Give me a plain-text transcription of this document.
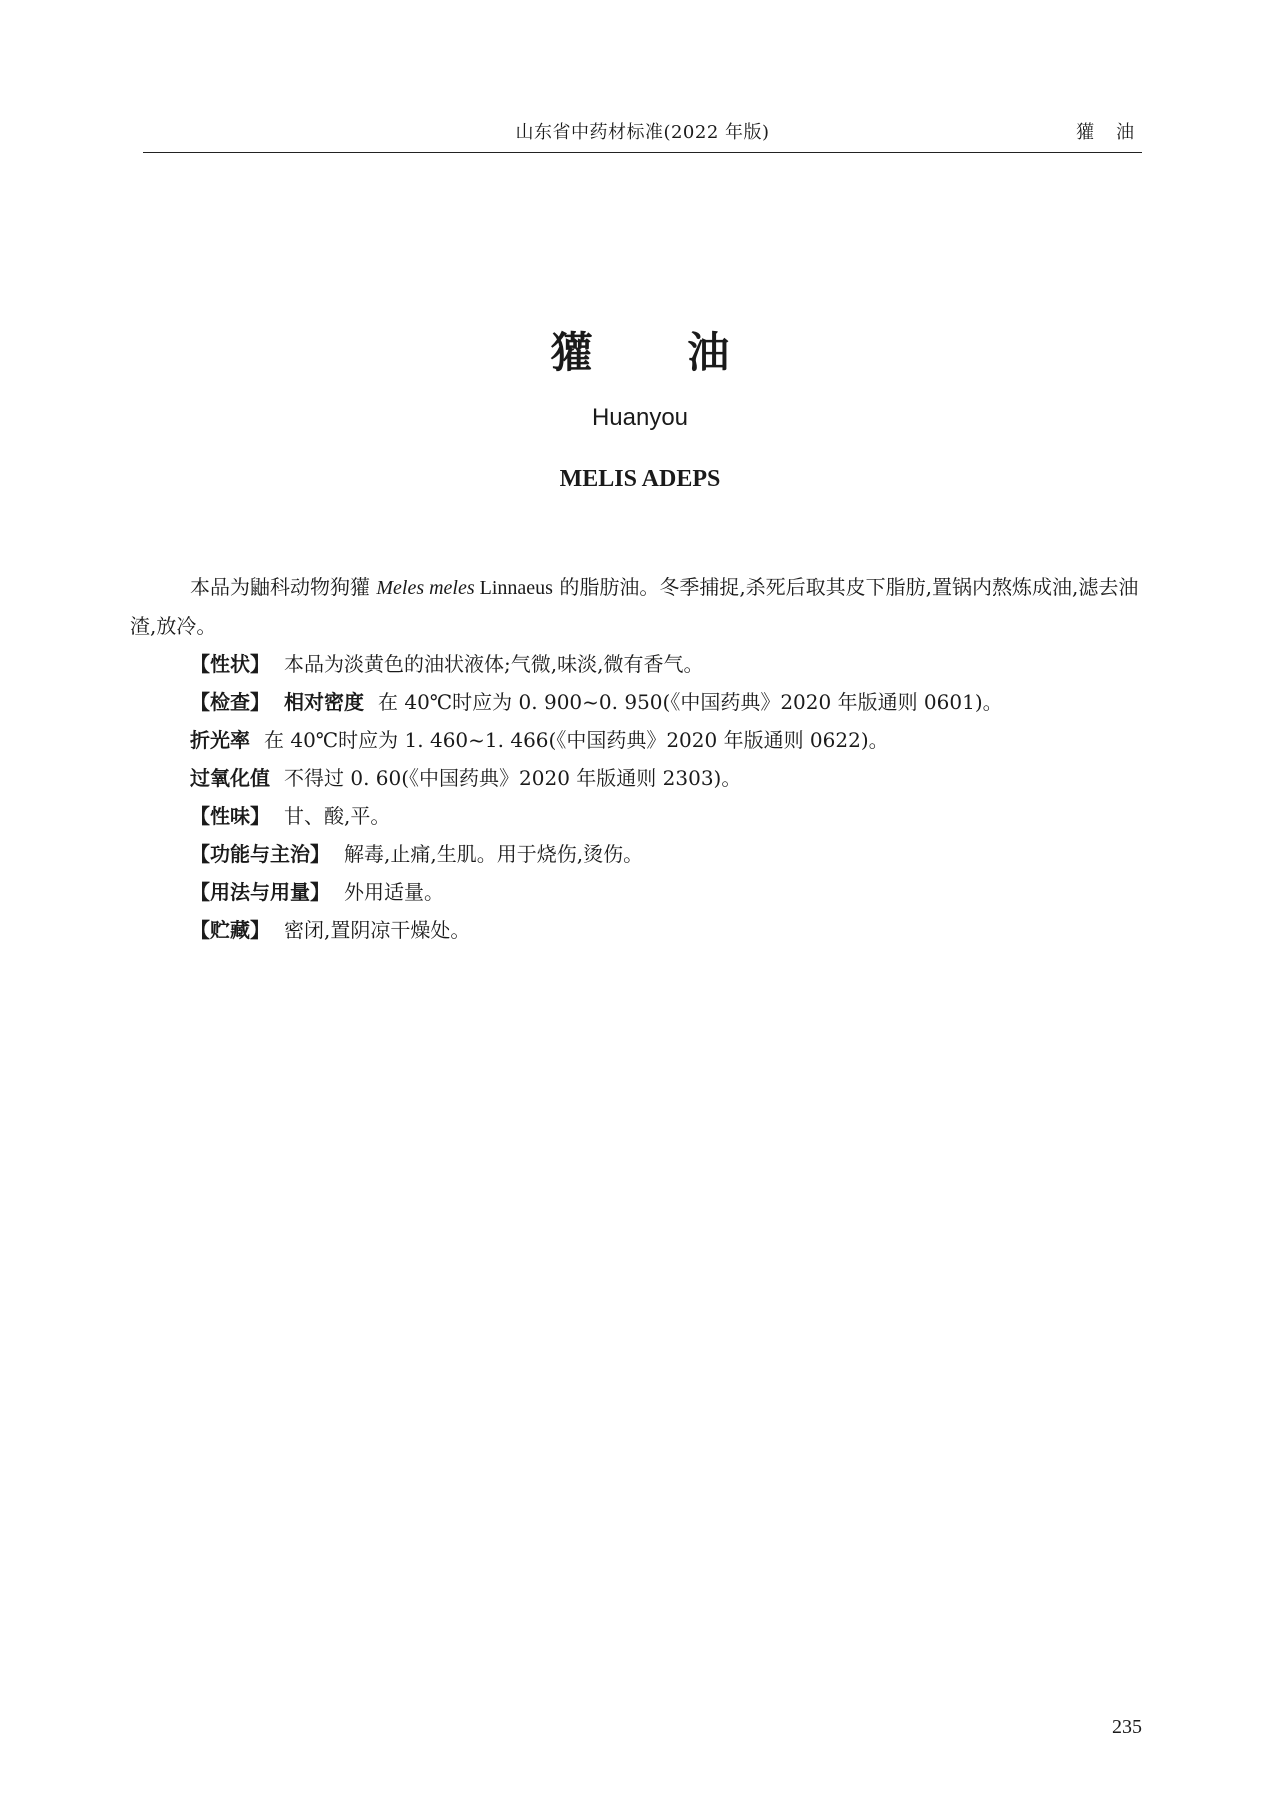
山东省中药材标准(2022 年版)	獾 油
獾 油
Huanyou
MELIS ADEPS

本品为鼬科动物狗獾 Meles meles Linnaeus 的脂肪油。冬季捕捉,杀死后取其皮下脂肪,置锅内熬炼成油,滤去油渣,放冷。

【性状】 本品为淡黄色的油状液体;气微,味淡,微有香气。

【检查】 相对密度 在 40℃时应为 0. 900~0. 950(《中国药典》2020 年版通则 0601)。

折光率 在 40℃时应为 1. 460~1. 466(《中国药典》2020 年版通则 0622)。

过氧化值 不得过 0. 60(《中国药典》2020 年版通则 2303)。

【性味】 甘、酸,平。

【功能与主治】 解毒,止痛,生肌。用于烧伤,烫伤。

【用法与用量】 外用适量。

【贮藏】 密闭,置阴凉干燥处。

235
